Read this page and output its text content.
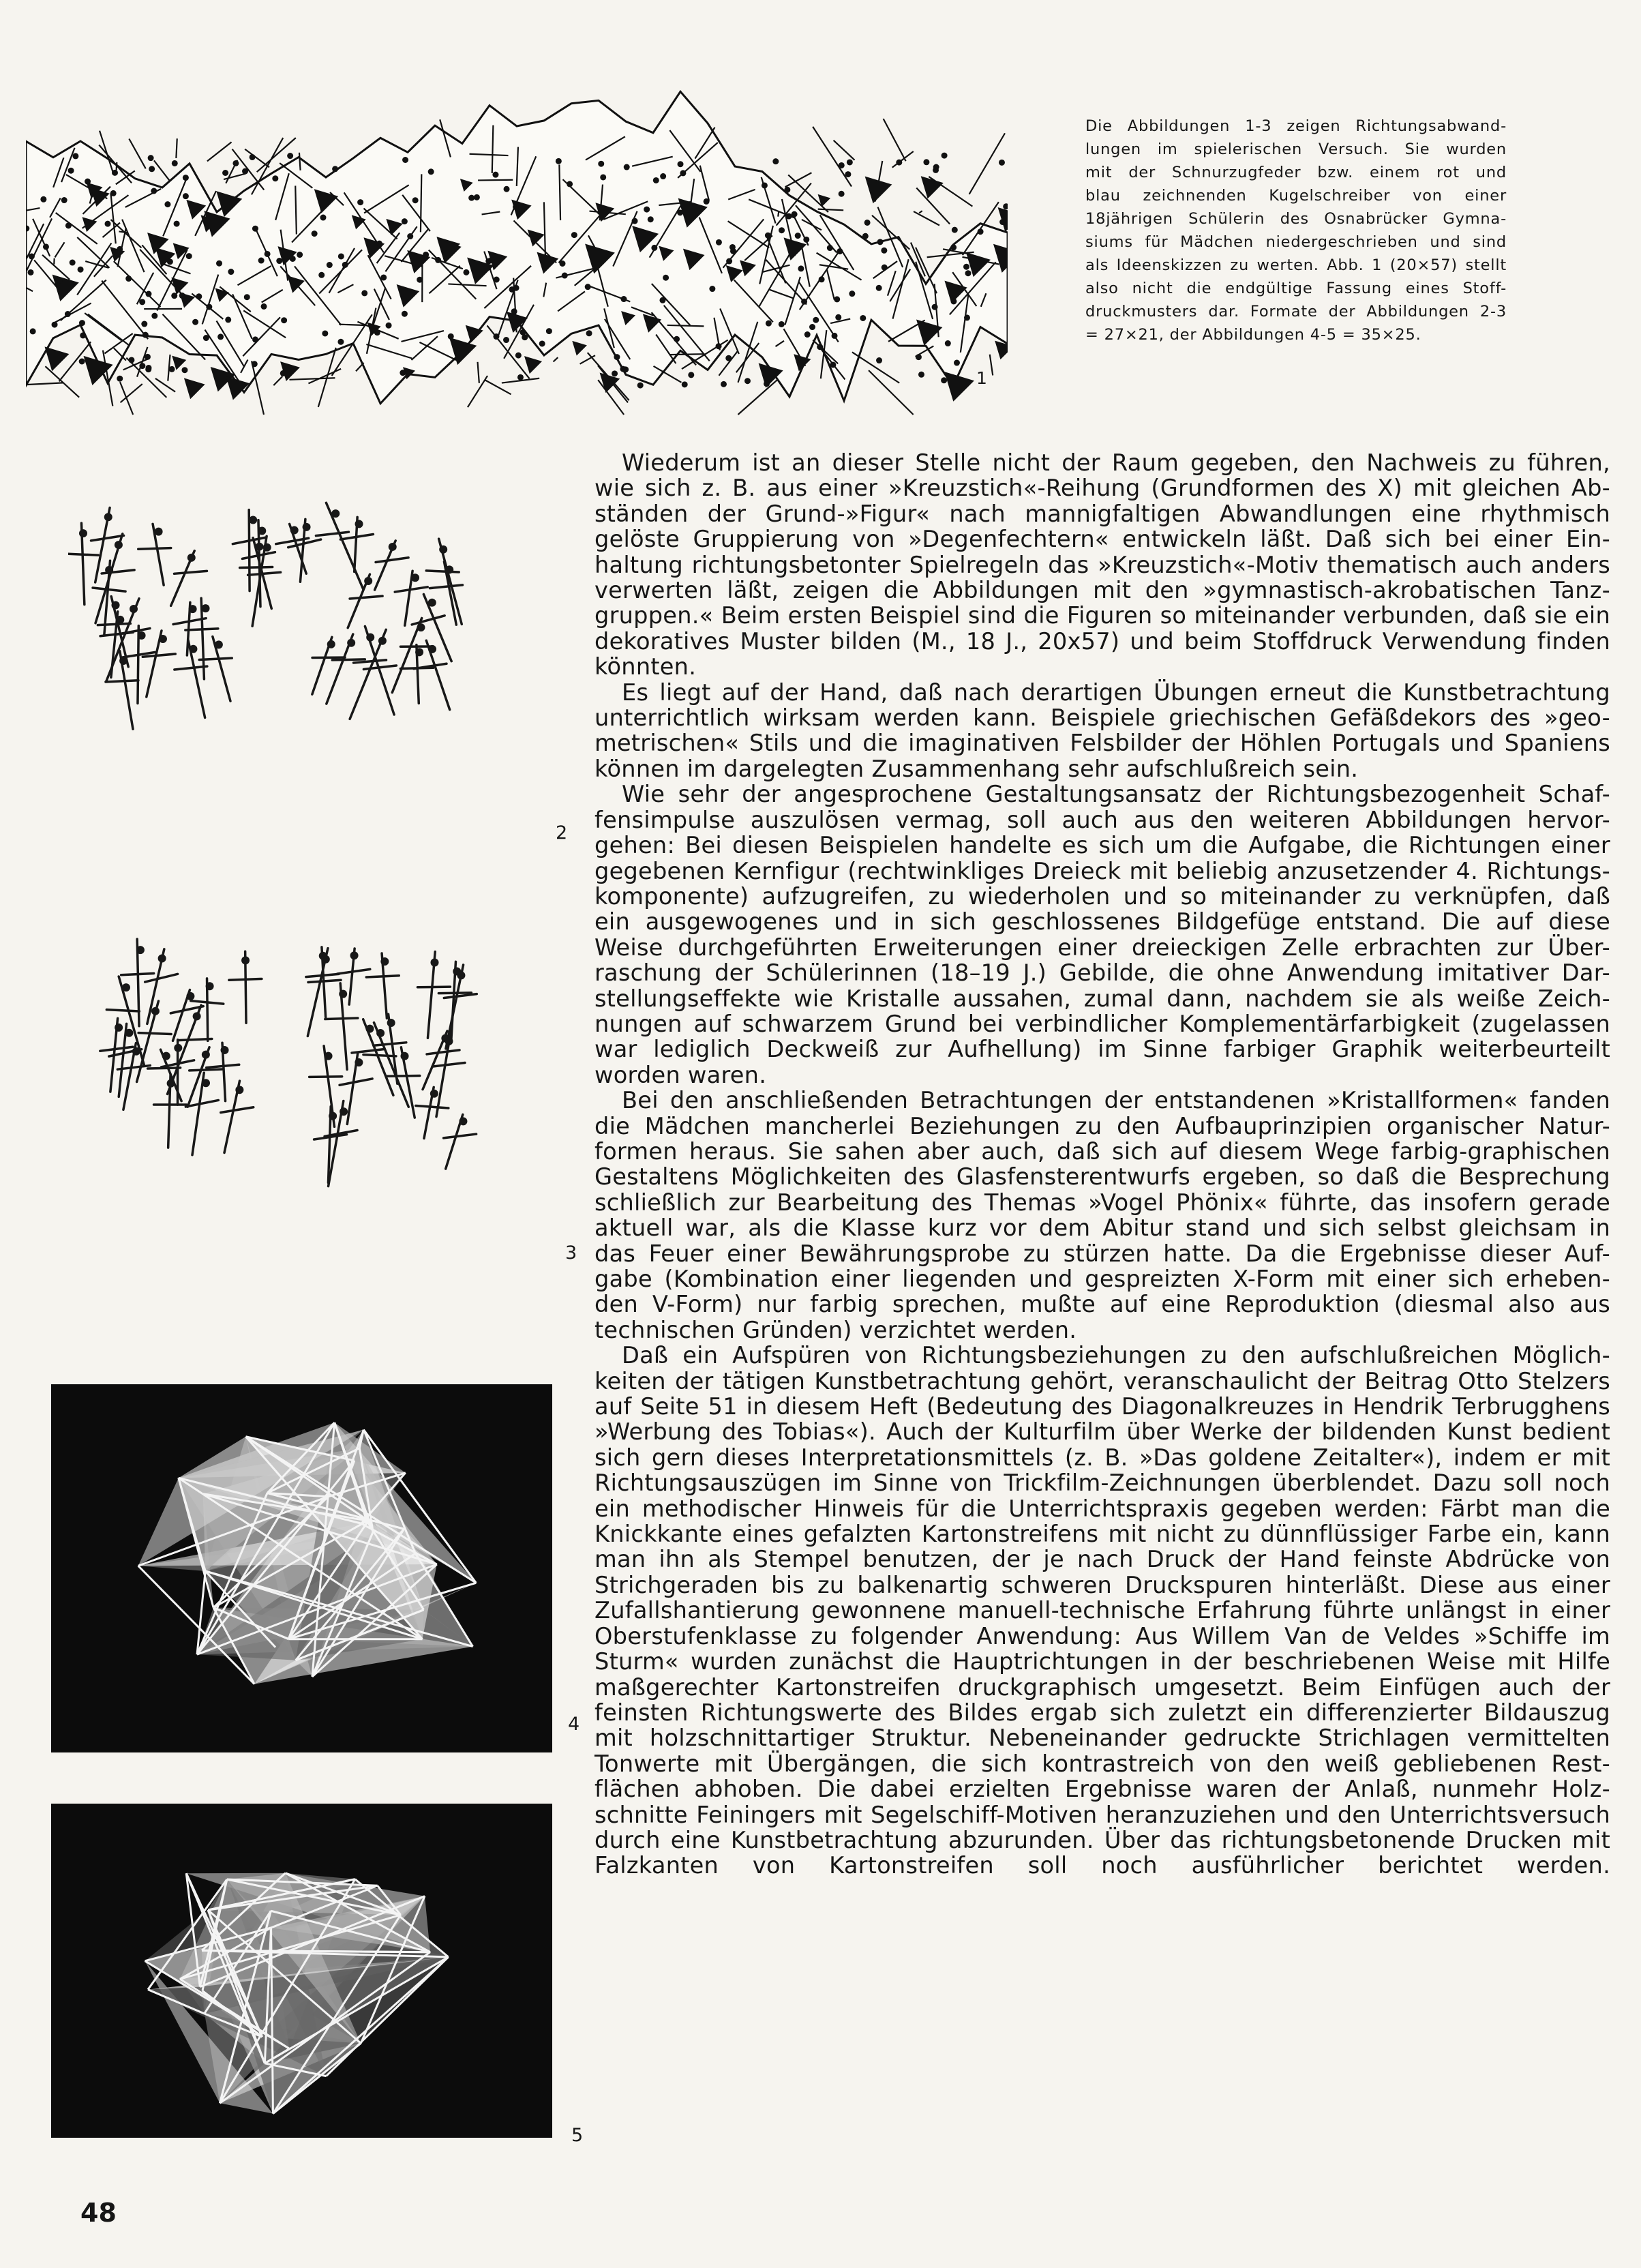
1
Die Abbildungen 1-3 zeigen Richtungsabwand-
lungen im spielerischen Versuch. Sie wurden
mit der Schnurzugfeder bzw. einem rot und
blau zeichnenden Kugelschreiber von einer
18jährigen Schülerin des Osnabrücker Gymna-
siums für Mädchen niedergeschrieben und sind
als Ideenskizzen zu werten. Abb. 1 (20×57) stellt
also nicht die endgültige Fassung eines Stoff-
druckmusters dar. Formate der Abbildungen 2-3
= 27×21, der Abbildungen 4-5 = 35×25.
2
3
4
5
Wiederum ist an dieser Stelle nicht der Raum gegeben, den Nachweis zu führen,
wie sich z. B. aus einer »Kreuzstich«-Reihung (Grundformen des X) mit gleichen Ab-
ständen der Grund-»Figur« nach mannigfaltigen Abwandlungen eine rhythmisch
gelöste Gruppierung von »Degenfechtern« entwickeln läßt. Daß sich bei einer Ein-
haltung richtungsbetonter Spielregeln das »Kreuzstich«-Motiv thematisch auch anders
verwerten läßt, zeigen die Abbildungen mit den »gymnastisch-akrobatischen Tanz-
gruppen.« Beim ersten Beispiel sind die Figuren so miteinander verbunden, daß sie ein
dekoratives Muster bilden (M., 18 J., 20x57) und beim Stoffdruck Verwendung finden
könnten.
Es liegt auf der Hand, daß nach derartigen Übungen erneut die Kunstbetrachtung
unterrichtlich wirksam werden kann. Beispiele griechischen Gefäßdekors des »geo-
metrischen« Stils und die imaginativen Felsbilder der Höhlen Portugals und Spaniens
können im dargelegten Zusammenhang sehr aufschlußreich sein.
Wie sehr der angesprochene Gestaltungsansatz der Richtungsbezogenheit Schaf-
fensimpulse auszulösen vermag, soll auch aus den weiteren Abbildungen hervor-
gehen: Bei diesen Beispielen handelte es sich um die Aufgabe, die Richtungen einer
gegebenen Kernfigur (rechtwinkliges Dreieck mit beliebig anzusetzender 4. Richtungs-
komponente) aufzugreifen, zu wiederholen und so miteinander zu verknüpfen, daß
ein ausgewogenes und in sich geschlossenes Bildgefüge entstand. Die auf diese
Weise durchgeführten Erweiterungen einer dreieckigen Zelle erbrachten zur Über-
raschung der Schülerinnen (18–19 J.) Gebilde, die ohne Anwendung imitativer Dar-
stellungseffekte wie Kristalle aussahen, zumal dann, nachdem sie als weiße Zeich-
nungen auf schwarzem Grund bei verbindlicher Komplementärfarbigkeit (zugelassen
war lediglich Deckweiß zur Aufhellung) im Sinne farbiger Graphik weiterbeurteilt
worden waren.
Bei den anschließenden Betrachtungen der entstandenen »Kristallformen« fanden
die Mädchen mancherlei Beziehungen zu den Aufbauprinzipien organischer Natur-
formen heraus. Sie sahen aber auch, daß sich auf diesem Wege farbig-graphischen
Gestaltens Möglichkeiten des Glasfensterentwurfs ergeben, so daß die Besprechung
schließlich zur Bearbeitung des Themas »Vogel Phönix« führte, das insofern gerade
aktuell war, als die Klasse kurz vor dem Abitur stand und sich selbst gleichsam in
das Feuer einer Bewährungsprobe zu stürzen hatte. Da die Ergebnisse dieser Auf-
gabe (Kombination einer liegenden und gespreizten X-Form mit einer sich erheben-
den V-Form) nur farbig sprechen, mußte auf eine Reproduktion (diesmal also aus
technischen Gründen) verzichtet werden.
Daß ein Aufspüren von Richtungsbeziehungen zu den aufschlußreichen Möglich-
keiten der tätigen Kunstbetrachtung gehört, veranschaulicht der Beitrag Otto Stelzers
auf Seite 51 in diesem Heft (Bedeutung des Diagonalkreuzes in Hendrik Terbrugghens
»Werbung des Tobias«). Auch der Kulturfilm über Werke der bildenden Kunst bedient
sich gern dieses Interpretationsmittels (z. B. »Das goldene Zeitalter«), indem er mit
Richtungsauszügen im Sinne von Trickfilm-Zeichnungen überblendet. Dazu soll noch
ein methodischer Hinweis für die Unterrichtspraxis gegeben werden: Färbt man die
Knickkante eines gefalzten Kartonstreifens mit nicht zu dünnflüssiger Farbe ein, kann
man ihn als Stempel benutzen, der je nach Druck der Hand feinste Abdrücke von
Strichgeraden bis zu balkenartig schweren Druckspuren hinterläßt. Diese aus einer
Zufallshantierung gewonnene manuell-technische Erfahrung führte unlängst in einer
Oberstufenklasse zu folgender Anwendung: Aus Willem Van de Veldes »Schiffe im
Sturm« wurden zunächst die Hauptrichtungen in der beschriebenen Weise mit Hilfe
maßgerechter Kartonstreifen druckgraphisch umgesetzt. Beim Einfügen auch der
feinsten Richtungswerte des Bildes ergab sich zuletzt ein differenzierter Bildauszug
mit holzschnittartiger Struktur. Nebeneinander gedruckte Strichlagen vermittelten
Tonwerte mit Übergängen, die sich kontrastreich von den weiß gebliebenen Rest-
flächen abhoben. Die dabei erzielten Ergebnisse waren der Anlaß, nunmehr Holz-
schnitte Feiningers mit Segelschiff-Motiven heranzuziehen und den Unterrichtsversuch
durch eine Kunstbetrachtung abzurunden. Über das richtungsbetonende Drucken mit
Falzkanten von Kartonstreifen soll noch ausführlicher berichtet werden.
48
